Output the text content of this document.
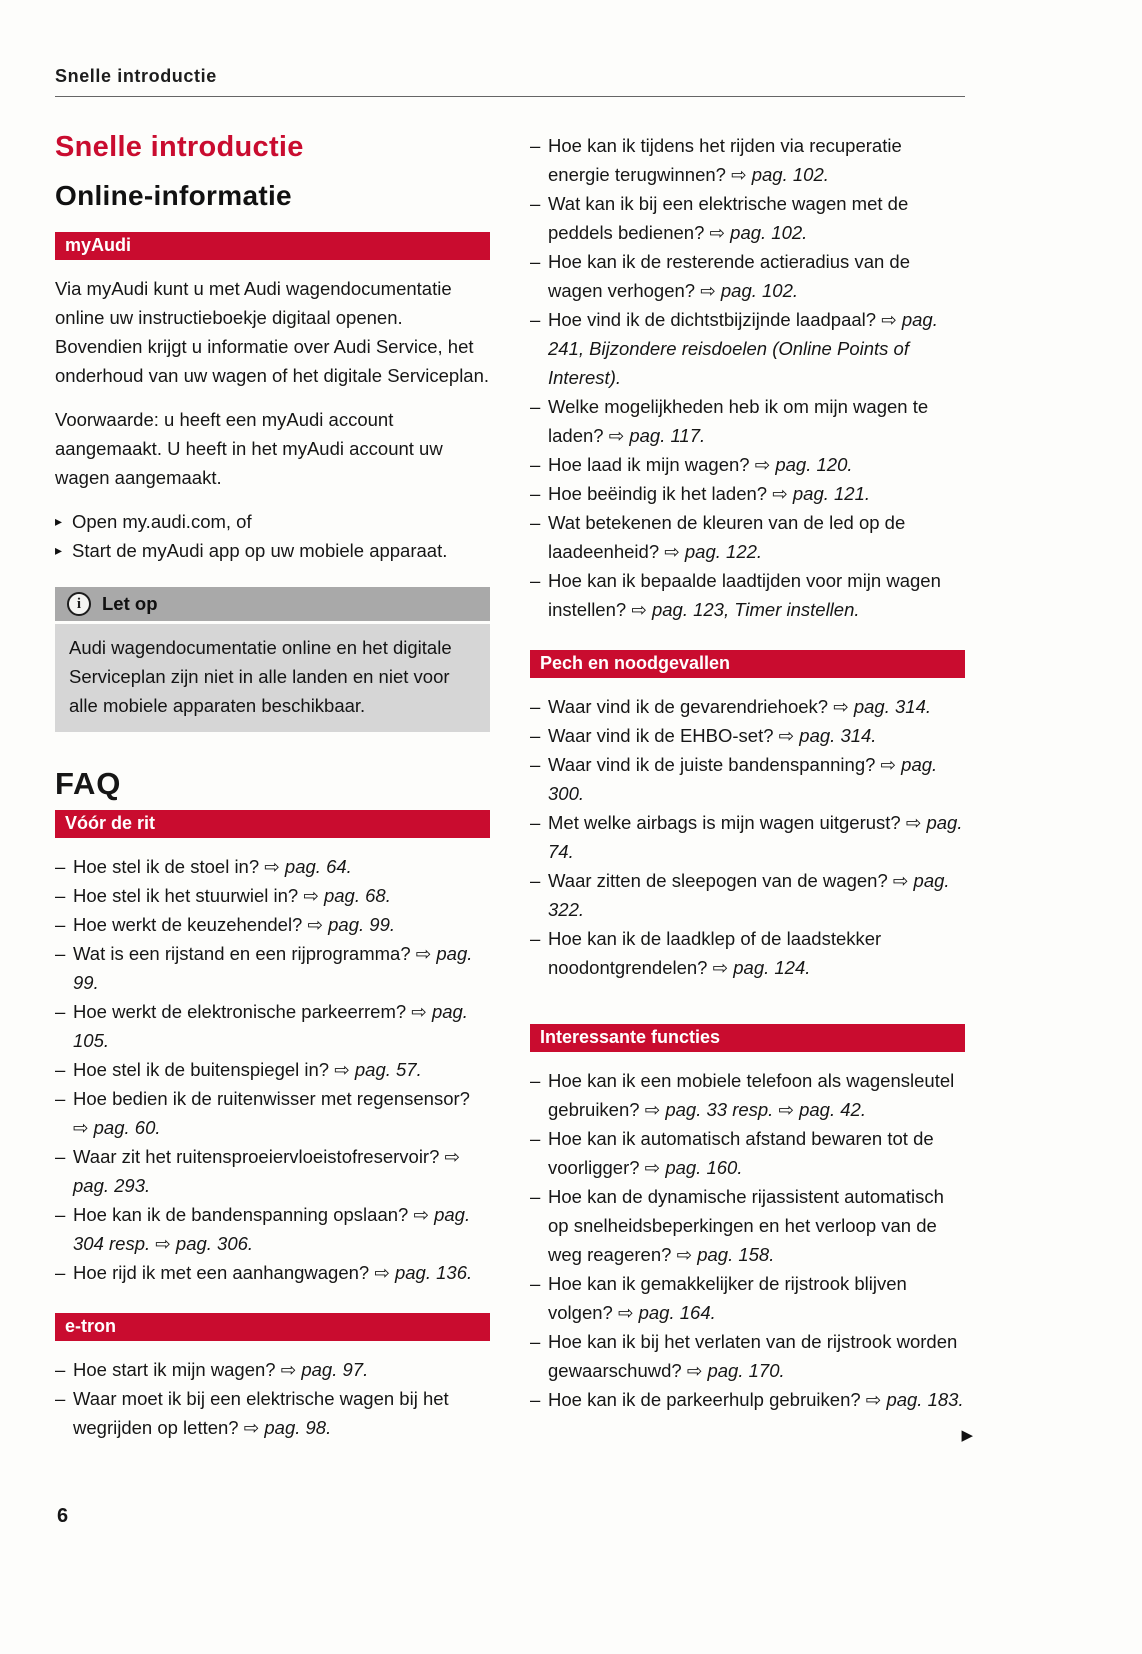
Snelle introductie
Snelle introductie
Online-informatie
myAudi

Via myAudi kunt u met Audi wagendocumentatie online uw instructieboekje digitaal openen. Bovendien krijgt u informatie over Audi Service, het onderhoud van uw wagen of het digitale Serviceplan.

Voorwaarde: u heeft een myAudi account aangemaakt. U heeft in het myAudi account uw wagen aangemaakt.

▸ Open my.audi.com, of
▸ Start de myAudi app op uw mobiele apparaat.
i	Let op
Audi wagendocumentatie online en het digitale Serviceplan zijn niet in alle landen en niet voor alle mobiele apparaten beschikbaar.
FAQ
Vóór de rit
– Hoe stel ik de stoel in? ⇨ pag. 64.
– Hoe stel ik het stuurwiel in? ⇨ pag. 68.
– Hoe werkt de keuzehendel? ⇨ pag. 99.
– Wat is een rijstand en een rijprogramma? ⇨ pag. 99.
– Hoe werkt de elektronische parkeerrem? ⇨ pag. 105.
– Hoe stel ik de buitenspiegel in? ⇨ pag. 57.
– Hoe bedien ik de ruitenwisser met regensensor? ⇨ pag. 60.
– Waar zit het ruitensproeiervloeistofreservoir? ⇨ pag. 293.
– Hoe kan ik de bandenspanning opslaan? ⇨ pag. 304 resp. ⇨ pag. 306.
– Hoe rijd ik met een aanhangwagen? ⇨ pag. 136.
e-tron
– Hoe start ik mijn wagen? ⇨ pag. 97.
– Waar moet ik bij een elektrische wagen bij het wegrijden op letten? ⇨ pag. 98.
– Hoe kan ik tijdens het rijden via recuperatie energie terugwinnen? ⇨ pag. 102.
– Wat kan ik bij een elektrische wagen met de peddels bedienen? ⇨ pag. 102.
– Hoe kan ik de resterende actieradius van de wagen verhogen? ⇨ pag. 102.
– Hoe vind ik de dichtstbijzijnde laadpaal? ⇨ pag. 241, Bijzondere reisdoelen (Online Points of Interest).
– Welke mogelijkheden heb ik om mijn wagen te laden? ⇨ pag. 117.
– Hoe laad ik mijn wagen? ⇨ pag. 120.
– Hoe beëindig ik het laden? ⇨ pag. 121.
– Wat betekenen de kleuren van de led op de laadeenheid? ⇨ pag. 122.
– Hoe kan ik bepaalde laadtijden voor mijn wagen instellen? ⇨ pag. 123, Timer instellen.
Pech en noodgevallen
– Waar vind ik de gevarendriehoek? ⇨ pag. 314.
– Waar vind ik de EHBO-set? ⇨ pag. 314.
– Waar vind ik de juiste bandenspanning? ⇨ pag. 300.
– Met welke airbags is mijn wagen uitgerust? ⇨ pag. 74.
– Waar zitten de sleepogen van de wagen? ⇨ pag. 322.
– Hoe kan ik de laadklep of de laadstekker noodontgrendelen? ⇨ pag. 124.
Interessante functies
– Hoe kan ik een mobiele telefoon als wagensleutel gebruiken? ⇨ pag. 33 resp. ⇨ pag. 42.
– Hoe kan ik automatisch afstand bewaren tot de voorligger? ⇨ pag. 160.
– Hoe kan de dynamische rijassistent automatisch op snelheidsbeperkingen en het verloop van de weg reageren? ⇨ pag. 158.
– Hoe kan ik gemakkelijker de rijstrook blijven volgen? ⇨ pag. 164.
– Hoe kan ik bij het verlaten van de rijstrook worden gewaarschuwd? ⇨ pag. 170.
– Hoe kan ik de parkeerhulp gebruiken? ⇨ pag. 183.
▶
6
